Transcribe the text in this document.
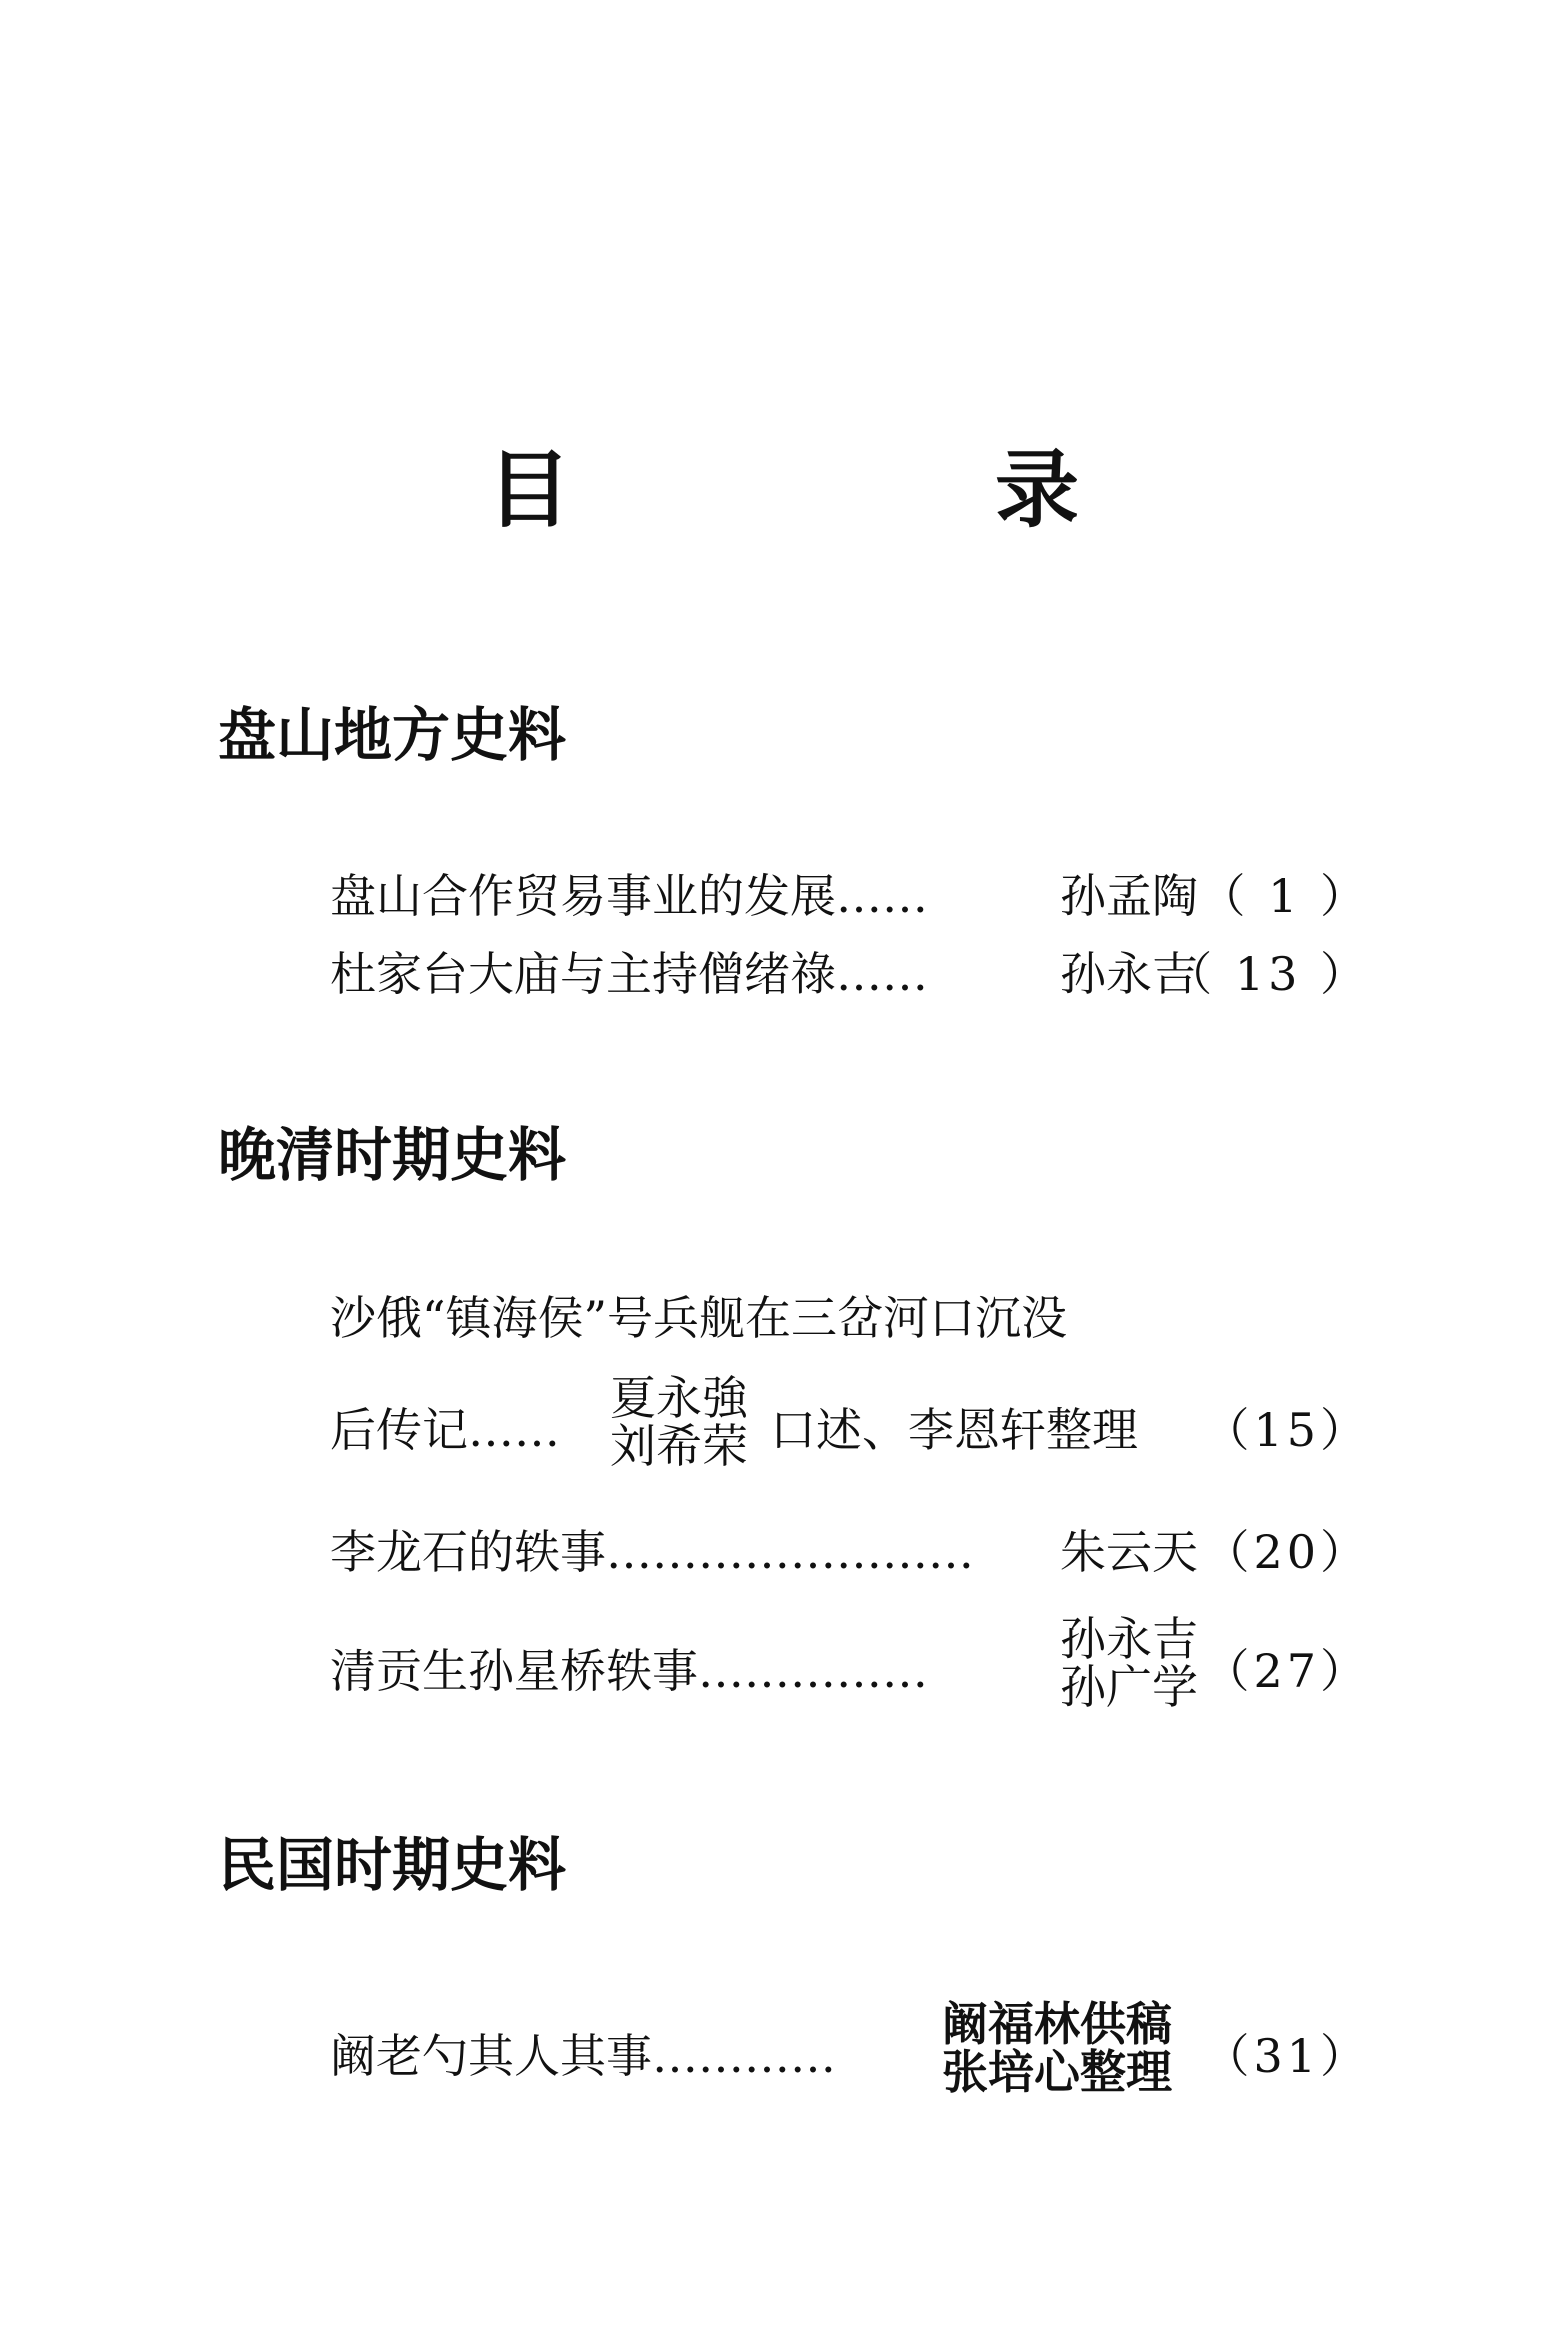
目　录
盘山地方史料
盘山合作贸易事业的发展……	孙孟陶 （ 1 ）
杜家台大庙与主持僧绪祿……	孙永吉
（ 13 ）
晚清时期史料
沙俄“镇海侯”号兵舰在三岔河口沉没
后传记……
夏永強
刘希荣 口述、李恩轩整理 （15）
李龙石的轶事…………………… 朱云天 （20）
清贡生孙星桥轶事……………
孙永吉
孙广学 （27）
民国时期史料
阚老勺其人其事…………
阚福林供稿
张培心整理 （31）
